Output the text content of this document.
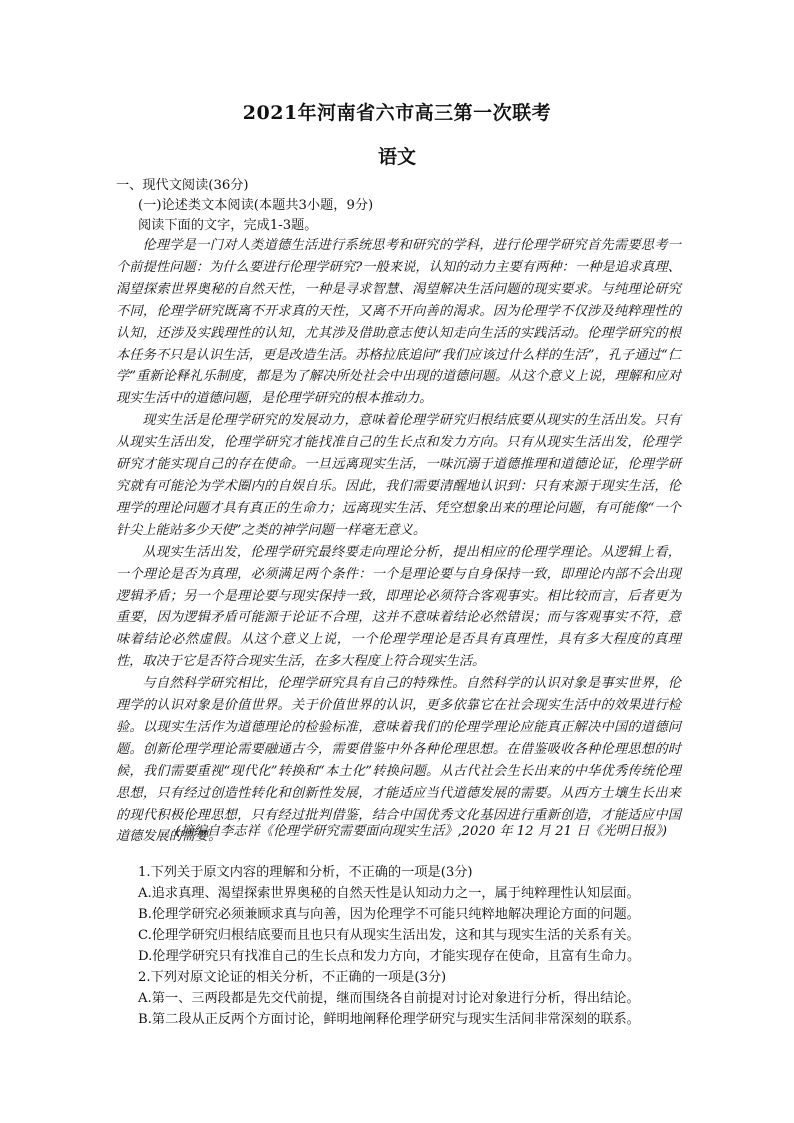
2021年河南省六市高三第一次联考
语文
一、现代文阅读(36分)
(一)论述类文本阅读(本题共3小题，9分)
阅读下面的文字，完成1-3题。

伦理学是一门对人类道德生活进行系统思考和研究的学科，进行伦理学研究首先需要思考一个前提性问题：为什么要进行伦理学研究?一般来说，认知的动力主要有两种：一种是追求真理、渴望探索世界奥秘的自然天性，一种是寻求智慧、渴望解决生活问题的现实要求。与纯理论研究不同，伦理学研究既离不开求真的天性，又离不开向善的渴求。因为伦理学不仅涉及纯粹理性的认知，还涉及实践理性的认知，尤其涉及借助意志使认知走向生活的实践活动。伦理学研究的根本任务不只是认识生活，更是改造生活。苏格拉底追问“我们应该过什么样的生活”，孔子通过“仁学”重新论释礼乐制度，都是为了解决所处社会中出现的道德问题。从这个意义上说，理解和应对现实生活中的道德问题，是伦理学研究的根本推动力。

现实生活是伦理学研究的发展动力，意味着伦理学研究归根结底要从现实的生活出发。只有从现实生活出发，伦理学研究才能找准自己的生长点和发力方向。只有从现实生活出发，伦理学研究才能实现自己的存在使命。一旦远离现实生活，一味沉溺于道德推理和道德论证，伦理学研究就有可能沦为学术圈内的自娱自乐。因此，我们需要清醒地认识到：只有来源于现实生活，伦理学的理论问题才具有真正的生命力；远离现实生活、凭空想象出来的理论问题，有可能像“一个针尖上能站多少天使”之类的神学问题一样毫无意义。

从现实生活出发，伦理学研究最终要走向理论分析，提出相应的伦理学理论。从逻辑上看，一个理论是否为真理，必须满足两个条件：一个是理论要与自身保持一致，即理论内部不会出现逻辑矛盾；另一个是理论要与现实保持一致，即理论必须符合客观事实。相比较而言，后者更为重要，因为逻辑矛盾可能源于论证不合理，这并不意味着结论必然错误；而与客观事实不符，意味着结论必然虚假。从这个意义上说，一个伦理学理论是否具有真理性，具有多大程度的真理性，取决于它是否符合现实生活，在多大程度上符合现实生活。

与自然科学研究相比，伦理学研究具有自己的特殊性。自然科学的认识对象是事实世界，伦理学的认识对象是价值世界。关于价值世界的认识，更多依靠它在社会现实生活中的效果进行检验。以现实生活作为道德理论的检验标准，意味着我们的伦理学理论应能真正解决中国的道德问题。创新伦理学理论需要融通古今，需要借鉴中外各种伦理思想。在借鉴吸收各种伦理思想的时候，我们需要重视“现代化”转换和“本土化”转换问题。从古代社会生长出来的中华优秀传统伦理思想，只有经过创造性转化和创新性发展，才能适应当代道德发展的需要。从西方土壤生长出来的现代积极伦理思想，只有经过批判借鉴，结合中国优秀文化基因进行重新创造，才能适应中国道德发展的需要。

(摘编自李志祥《伦理学研究需要面向现实生活》,2020 年 12 月 21 日《光明日报》)
1.下列关于原文内容的理解和分析，不正确的一项是(3分)
A.追求真理、渴望探索世界奥秘的自然天性是认知动力之一，属于纯粹理性认知层面。
B.伦理学研究必须兼顾求真与向善，因为伦理学不可能只纯粹地解决理论方面的问题。
C.伦理学研究归根结底要而且也只有从现实生活出发，这和其与现实生活的关系有关。
D.伦理学研究只有找准自己的生长点和发力方向，才能实现存在使命，且富有生命力。
2.下列对原文论证的相关分析，不正确的一项是(3分)
A.第一、三两段都是先交代前提，继而围绕各自前提对讨论对象进行分析，得出结论。
B.第二段从正反两个方面讨论，鲜明地阐释伦理学研究与现实生活间非常深刻的联系。
